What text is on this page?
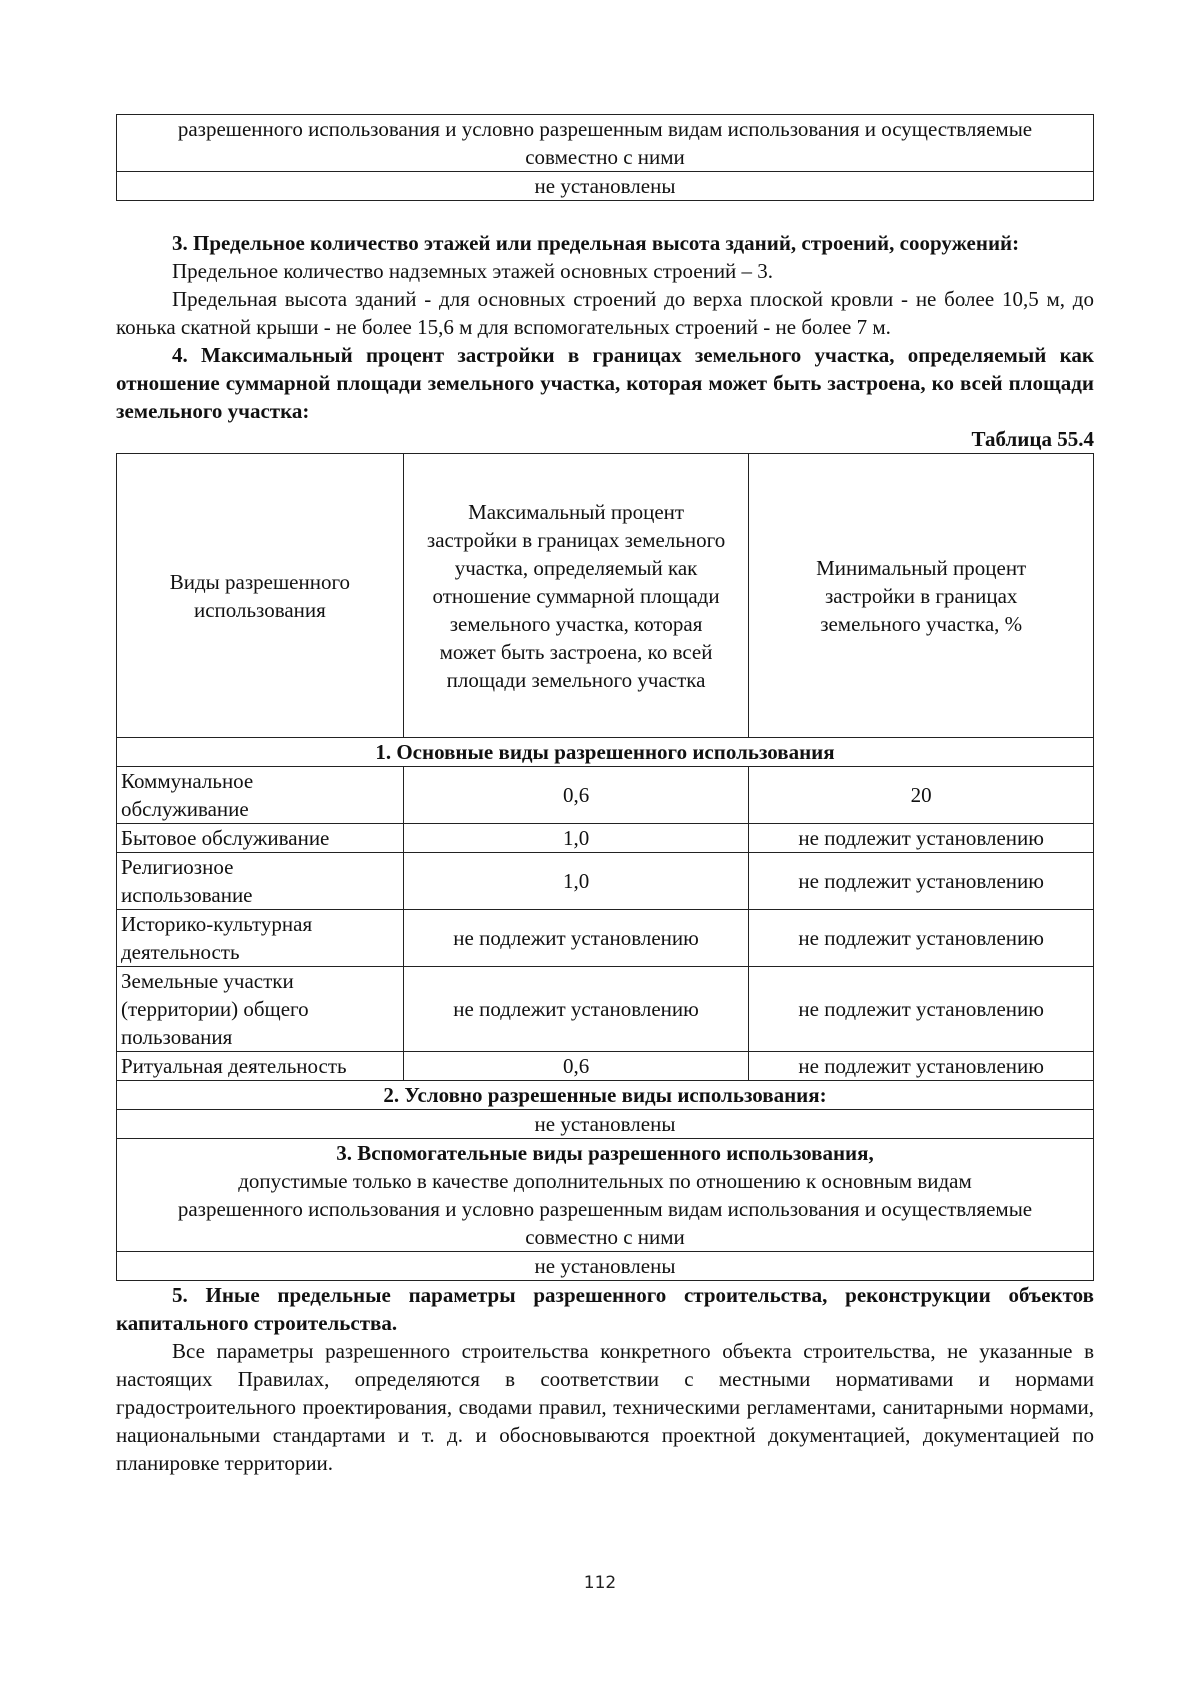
разрешенного использования и условно разрешенным видам использования и осуществляемые совместно с ними
не установлены

3. Предельное количество этажей или предельная высота зданий, строений, сооружений:

Предельное количество надземных этажей основных строений – 3.

Предельная высота зданий - для основных строений до верха плоской кровли - не более 10,5 м, до конька скатной крыши - не более 15,6 м для вспомогательных строений - не более 7 м.

4. Максимальный процент застройки в границах земельного участка, определяемый как отношение суммарной площади земельного участка, которая может быть застроена, ко всей площади земельного участка:

Таблица 55.4

Виды разрешенного использования	Максимальный процент застройки в границах земельного участка, определяемый как отношение суммарной площади земельного участка, которая может быть застроена, ко всей площади земельного участка	Минимальный процент застройки в границах земельного участка, %
1. Основные виды разрешенного использования		
Коммунальное обслуживание	0,6	20
Бытовое обслуживание	1,0	не подлежит установлению
Религиозное использование	1,0	не подлежит установлению
Историко-культурная деятельность	не подлежит установлению	не подлежит установлению
Земельные участки (территории) общего пользования	не подлежит установлению	не подлежит установлению
Ритуальная деятельность	0,6	не подлежит установлению
2. Условно разрешенные виды использования:		
не установлены		

3. Вспомогательные виды разрешенного использования,
допустимые только в качестве дополнительных по отношению к основным видам разрешенного использования и условно разрешенным видам использования и осуществляемые совместно с ними		

не установлены		

5. Иные предельные параметры разрешенного строительства, реконструкции объектов капитального строительства.

Все параметры разрешенного строительства конкретного объекта строительства, не указанные в настоящих Правилах, определяются в соответствии с местными нормативами и нормами градостроительного проектирования, сводами правил, техническими регламентами, санитарными нормами, национальными стандартами и т. д. и обосновываются проектной документацией, документацией по планировке территории.

112
